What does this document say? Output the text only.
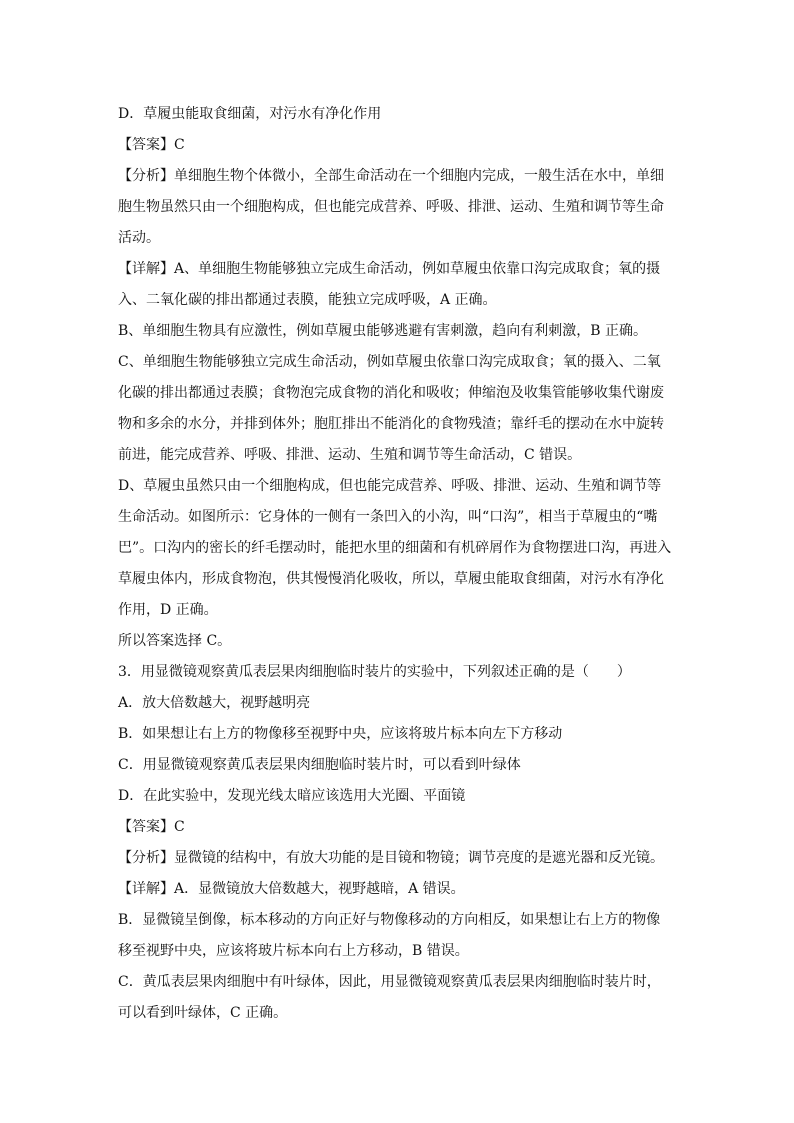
D．草履虫能取食细菌，对污水有净化作用

【答案】C

【分析】单细胞生物个体微小，全部生命活动在一个细胞内完成，一般生活在水中，单细

胞生物虽然只由一个细胞构成，但也能完成营养、呼吸、排泄、运动、生殖和调节等生命

活动。

【详解】A、单细胞生物能够独立完成生命活动，例如草履虫依靠口沟完成取食；氧的摄

入、二氧化碳的排出都通过表膜，能独立完成呼吸，A 正确。

B、单细胞生物具有应激性，例如草履虫能够逃避有害刺激，趋向有利刺激，B 正确。

C、单细胞生物能够独立完成生命活动，例如草履虫依靠口沟完成取食；氧的摄入、二氧

化碳的排出都通过表膜；食物泡完成食物的消化和吸收；伸缩泡及收集管能够收集代谢废

物和多余的水分，并排到体外；胞肛排出不能消化的食物残渣；靠纤毛的摆动在水中旋转

前进，能完成营养、呼吸、排泄、运动、生殖和调节等生命活动，C 错误。

D、草履虫虽然只由一个细胞构成，但也能完成营养、呼吸、排泄、运动、生殖和调节等

生命活动。如图所示：它身体的一侧有一条凹入的小沟，叫“口沟”，相当于草履虫的“嘴

巴”。口沟内的密长的纤毛摆动时，能把水里的细菌和有机碎屑作为食物摆进口沟，再进入

草履虫体内，形成食物泡，供其慢慢消化吸收，所以，草履虫能取食细菌，对污水有净化

作用，D 正确。

所以答案选择 C。

3．用显微镜观察黄瓜表层果肉细胞临时装片的实验中，下列叙述正确的是（　　）

A．放大倍数越大，视野越明亮

B．如果想让右上方的物像移至视野中央，应该将玻片标本向左下方移动

C．用显微镜观察黄瓜表层果肉细胞临时装片时，可以看到叶绿体

D．在此实验中，发现光线太暗应该选用大光圈、平面镜

【答案】C

【分析】显微镜的结构中，有放大功能的是目镜和物镜；调节亮度的是遮光器和反光镜。

【详解】A．显微镜放大倍数越大，视野越暗，A 错误。

B．显微镜呈倒像，标本移动的方向正好与物像移动的方向相反，如果想让右上方的物像

移至视野中央，应该将玻片标本向右上方移动，B 错误。

C．黄瓜表层果肉细胞中有叶绿体，因此，用显微镜观察黄瓜表层果肉细胞临时装片时，

可以看到叶绿体，C 正确。
